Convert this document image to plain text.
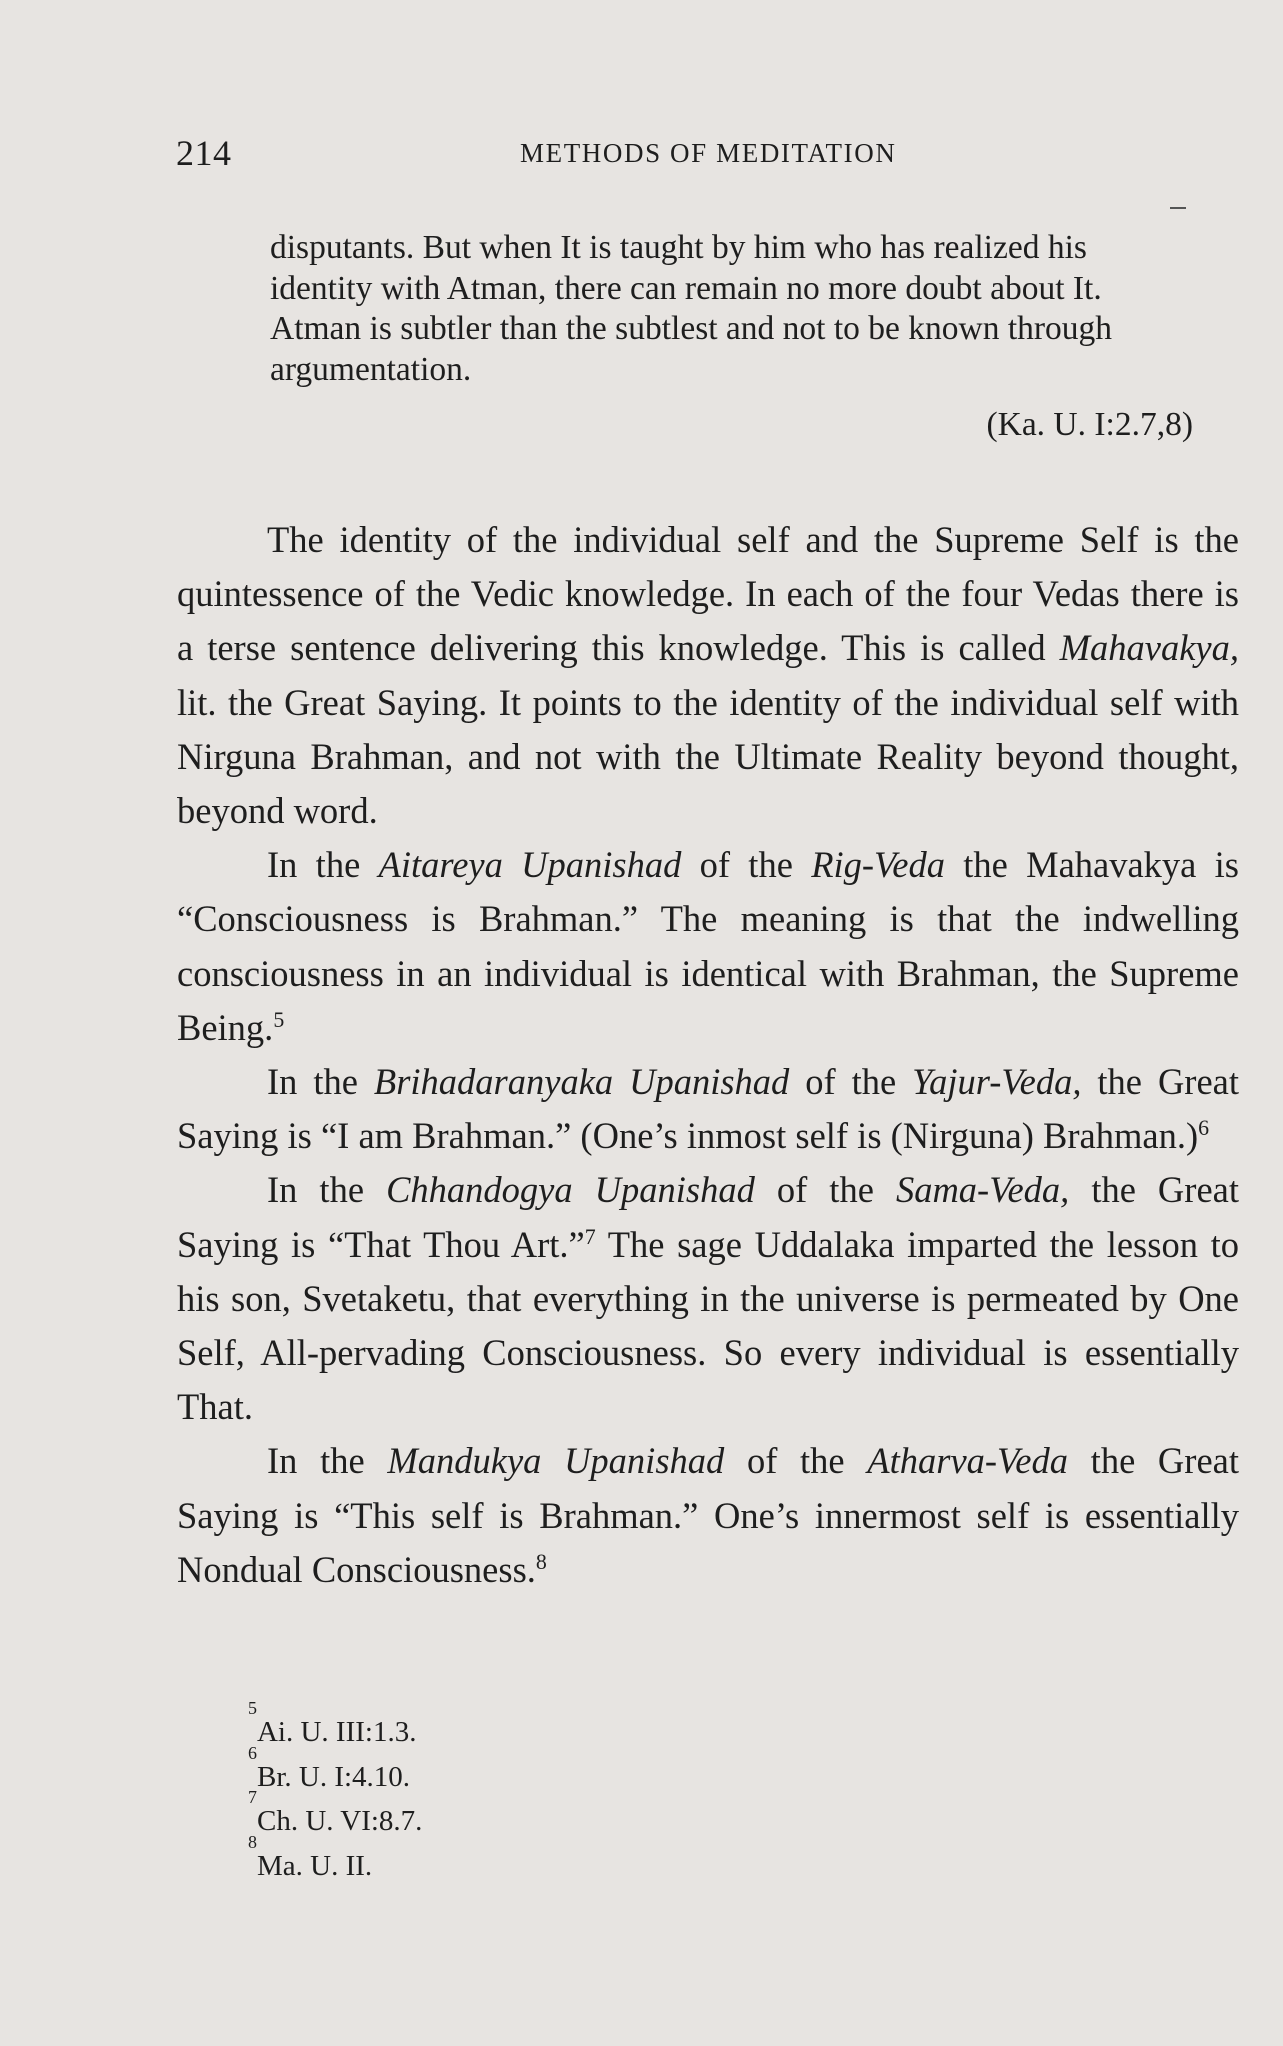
214	METHODS OF MEDITATION

disputants. But when It is taught by him who has realized his identity with Atman, there can remain no more doubt about It. Atman is subtler than the subtlest and not to be known through argumentation.

(Ka. U. I:2.7,8)

The identity of the individual self and the Supreme Self is the quintessence of the Vedic knowledge. In each of the four Vedas there is a terse sentence delivering this knowledge. This is called Mahavakya, lit. the Great Saying. It points to the identity of the individual self with Nirguna Brahman, and not with the Ultimate Reality beyond thought, beyond word.

In the Aitareya Upanishad of the Rig-Veda the Mahavakya is “Consciousness is Brahman.” The meaning is that the indwelling consciousness in an individual is identical with Brahman, the Supreme Being.$^5$

In the Brihadaranyaka Upanishad of the Yajur-Veda, the Great Saying is “I am Brahman.” (One’s inmost self is (Nirguna) Brahman.)$^6$

In the Chhandogya Upanishad of the Sama-Veda, the Great Saying is “That Thou Art.”$^7$ The sage Uddalaka imparted the lesson to his son, Svetaketu, that everything in the universe is permeated by One Self, All-pervading Consciousness. So every individual is essentially That.

In the Mandukya Upanishad of the Atharva-Veda the Great Saying is “This self is Brahman.” One’s innermost self is essentially Nondual Consciousness.$^8$

$^5$Ai. U. III:1.3.
$^6$Br. U. I:4.10.
$^7$Ch. U. VI:8.7.
$^8$Ma. U. II.
